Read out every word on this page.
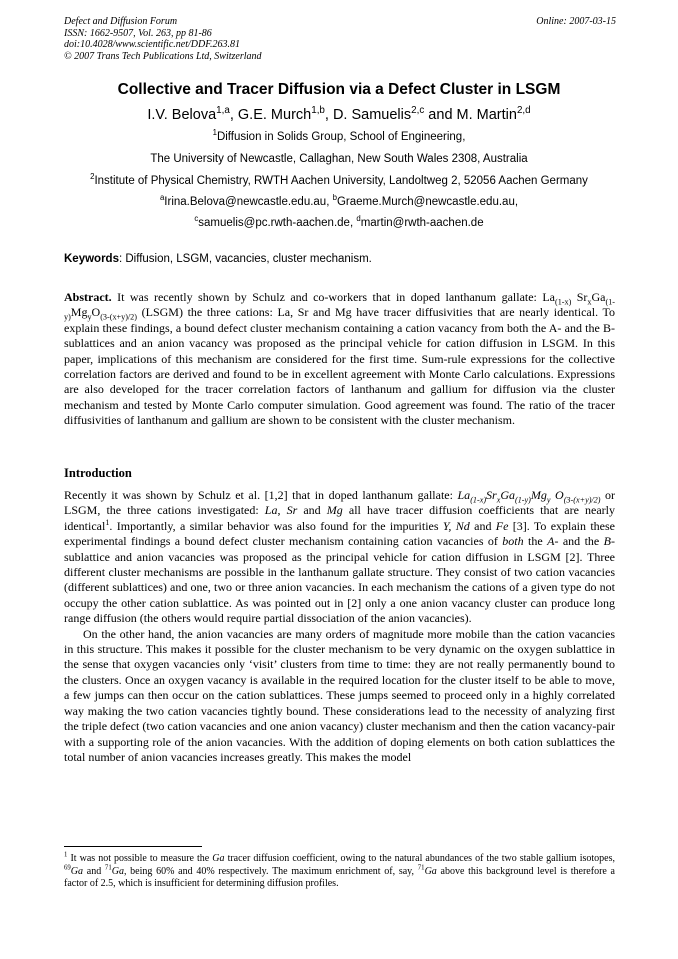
Defect and Diffusion Forum
ISSN: 1662-9507, Vol. 263, pp 81-86
doi:10.4028/www.scientific.net/DDF.263.81
© 2007 Trans Tech Publications Ltd, Switzerland
Online: 2007-03-15
Collective and Tracer Diffusion via a Defect Cluster in LSGM
I.V. Belova$^{1,a}$, G.E. Murch$^{1,b}$, D. Samuelis$^{2,c}$ and M. Martin$^{2,d}$
$^1$Diffusion in Solids Group, School of Engineering,
The University of Newcastle, Callaghan, New South Wales 2308, Australia
$^2$Institute of Physical Chemistry, RWTH Aachen University, Landoltweg 2, 52056 Aachen Germany
$^a$Irina.Belova@newcastle.edu.au, $^b$Graeme.Murch@newcastle.edu.au,
$^c$samuelis@pc.rwth-aachen.de, $^d$martin@rwth-aachen.de
Keywords: Diffusion, LSGM, vacancies, cluster mechanism.

Abstract. It was recently shown by Schulz and co-workers that in doped lanthanum gallate: $La_{(1-x)}$ $Sr_xGa_{(1-y)}Mg_yO_{(3-(x+y)/2)}$ (LSGM) the three cations: La, Sr and Mg have tracer diffusivities that are nearly identical. To explain these findings, a bound defect cluster mechanism containing a cation vacancy from both the A- and the B- sublattices and an anion vacancy was proposed as the principal vehicle for cation diffusion in LSGM. In this paper, implications of this mechanism are considered for the first time. Sum-rule expressions for the collective correlation factors are derived and found to be in excellent agreement with Monte Carlo calculations. Expressions are also developed for the tracer correlation factors of lanthanum and gallium for diffusion via the cluster mechanism and tested by Monte Carlo computer simulation. Good agreement was found. The ratio of the tracer diffusivities of lanthanum and gallium are shown to be consistent with the cluster mechanism.

Introduction

Recently it was shown by Schulz et al. [1,2] that in doped lanthanum gallate: $La_{(1-x)}Sr_xGa_{(1-y)}Mg_y$ $O_{(3-(x+y)/2)}$ or LSGM, the three cations investigated: La, Sr and Mg all have tracer diffusion coefficients that are nearly identical$^1$. Importantly, a similar behavior was also found for the impurities Y, Nd and Fe [3]. To explain these experimental findings a bound defect cluster mechanism containing cation vacancies of both the A- and the B- sublattice and anion vacancies was proposed as the principal vehicle for cation diffusion in LSGM [2]. Three different cluster mechanisms are possible in the lanthanum gallate structure. They consist of two cation vacancies (different sublattices) and one, two or three anion vacancies. In each mechanism the cations of a given type do not occupy the other cation sublattice. As was pointed out in [2] only a one anion vacancy cluster can produce long range diffusion (the others would require partial dissociation of the anion vacancies).

On the other hand, the anion vacancies are many orders of magnitude more mobile than the cation vacancies in this structure. This makes it possible for the cluster mechanism to be very dynamic on the oxygen sublattice in the sense that oxygen vacancies only ‘visit’ clusters from time to time: they are not really permanently bound to the clusters. Once an oxygen vacancy is available in the required location for the cluster itself to be able to move, a few jumps can then occur on the cation sublattices. These jumps seemed to proceed only in a highly correlated way making the two cation vacancies tightly bound. These considerations lead to the necessity of analyzing first the triple defect (two cation vacancies and one anion vacancy) cluster mechanism and then the cation vacancy-pair with a supporting role of the anion vacancies. With the addition of doping elements on both cation sublattices the total number of anion vacancies increases greatly. This makes the model

$^1$ It was not possible to measure the Ga tracer diffusion coefficient, owing to the natural abundances of the two stable gallium isotopes, $^{69}$Ga and $^{71}$Ga, being 60% and 40% respectively. The maximum enrichment of, say, $^{71}$Ga above this background level is therefore a factor of 2.5, which is insufficient for determining diffusion profiles.
